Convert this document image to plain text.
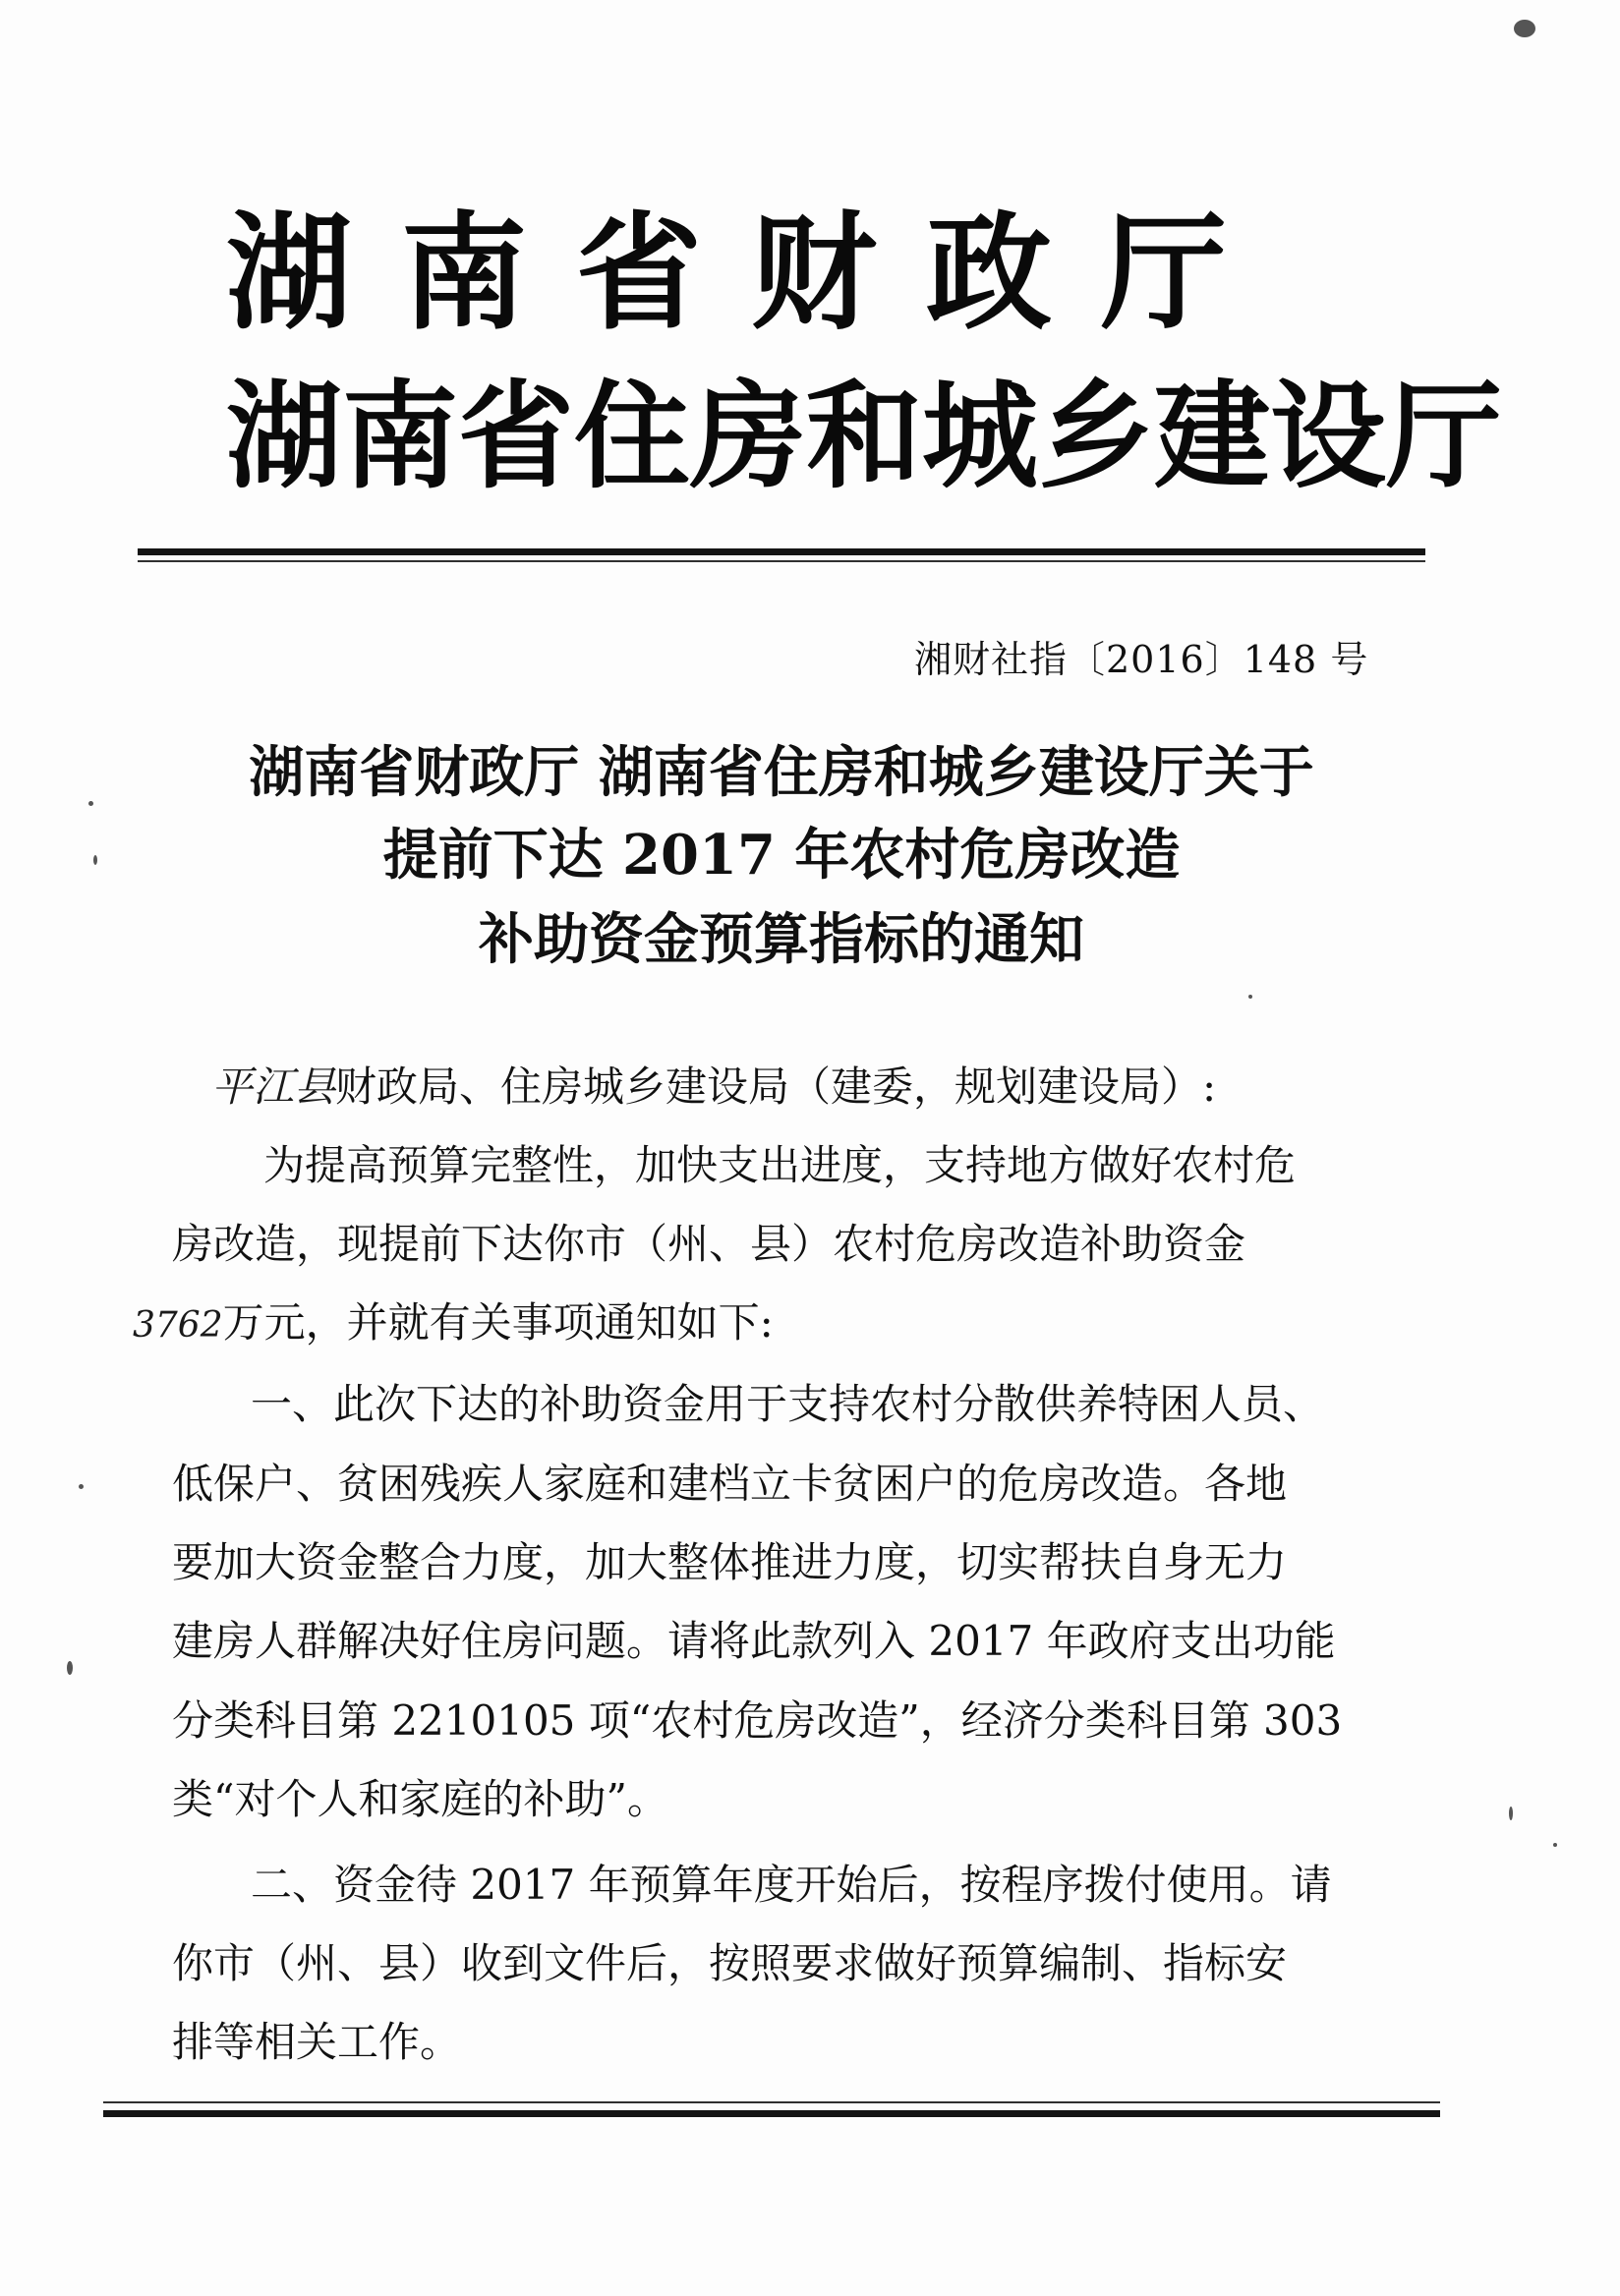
湖南省财政厅
湖南省住房和城乡建设厅
湘财社指〔2016〕148 号
湖南省财政厅 湖南省住房和城乡建设厅关于
提前下达 2017 年农村危房改造
补助资金预算指标的通知
平江县财政局、住房城乡建设局（建委，规划建设局）:
为提高预算完整性，加快支出进度，支持地方做好农村危
房改造，现提前下达你市（州、县）农村危房改造补助资金
3762万元，并就有关事项通知如下:
一、此次下达的补助资金用于支持农村分散供养特困人员、
低保户、贫困残疾人家庭和建档立卡贫困户的危房改造。各地
要加大资金整合力度，加大整体推进力度，切实帮扶自身无力
建房人群解决好住房问题。请将此款列入 2017 年政府支出功能
分类科目第 2210105 项“农村危房改造”，经济分类科目第 303
类“对个人和家庭的补助”。
二、资金待 2017 年预算年度开始后，按程序拨付使用。请
你市（州、县）收到文件后，按照要求做好预算编制、指标安
排等相关工作。
